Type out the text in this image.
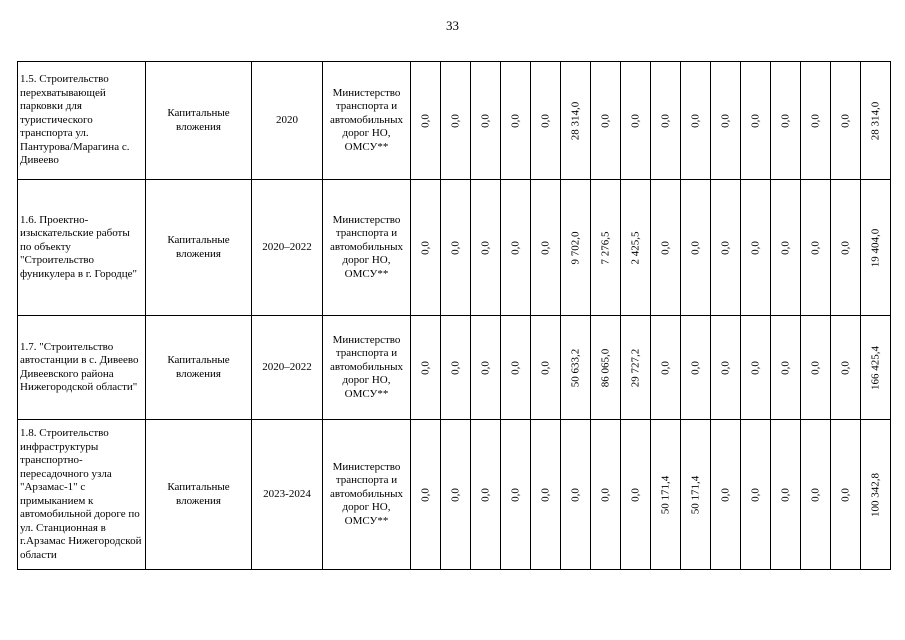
33
1.5. Строительство перехватывающей парковки для туристического транспорта ул. Пантурова/Марагина с. Дивеево	Капитальные вложения	2020	Министерство транспорта и автомобильных дорог НО, ОМСУ**	0,0	0,0	0,0	0,0	0,0	28 314,0	0,0	0,0	0,0	0,0	0,0	0,0	0,0	0,0	0,0	28 314,0

1.6. Проектно-изыскательские работы по объекту "Строительство фуникулера в г. Городце"	Капитальные вложения	2020–2022	Министерство транспорта и автомобильных дорог НО, ОМСУ**	0,0	0,0	0,0	0,0	0,0	9 702,0	7 276,5	2 425,5	0,0	0,0	0,0	0,0	0,0	0,0	0,0	19 404,0

1.7. "Строительство автостанции в с. Дивеево Дивеевского района Нижегородской области"	Капитальные вложения	2020–2022	Министерство транспорта и автомобильных дорог НО, ОМСУ**	0,0	0,0	0,0	0,0	0,0	50 633,2	86 065,0	29 727,2	0,0	0,0	0,0	0,0	0,0	0,0	0,0	166 425,4

1.8. Строительство инфраструктуры транспортно-пересадочного узла "Арзамас-1" с примыканием к автомобильной дороге по ул. Станционная в г.Арзамас Нижегородской области	Капитальные вложения	2023-2024	Министерство транспорта и автомобильных дорог НО, ОМСУ**	0,0	0,0	0,0	0,0	0,0	0,0	0,0	0,0	50 171,4	50 171,4	0,0	0,0	0,0	0,0	0,0	100 342,8
